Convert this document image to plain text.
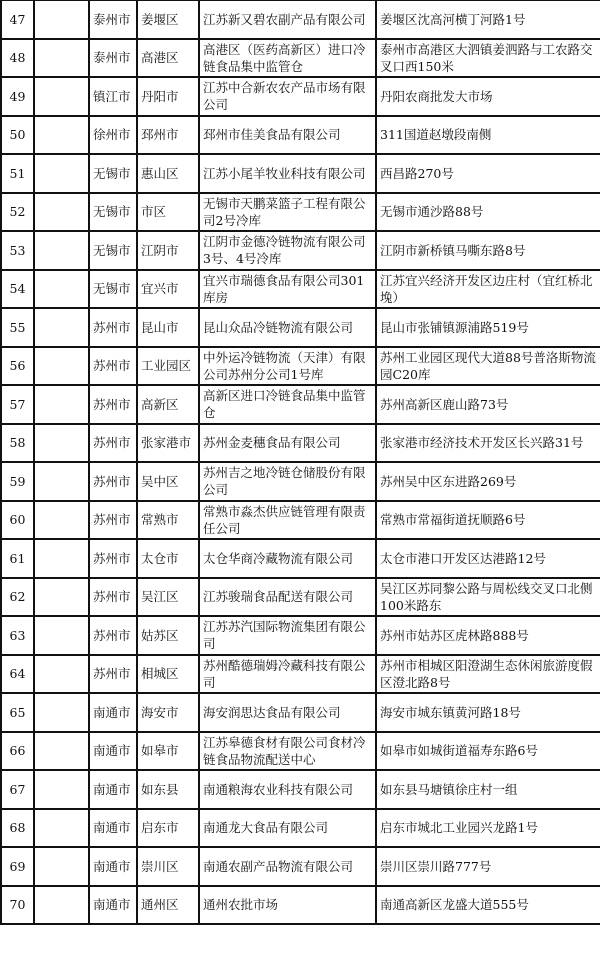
47		泰州市	姜堰区	江苏新又碧农副产品有限公司	姜堰区沈高河横丁河路1号
48		泰州市	高港区	高港区（医药高新区）进口冷链食品集中监管仓	泰州市高港区大泗镇姜泗路与工农路交叉口西150米
49		镇江市	丹阳市	江苏中合新农农产品市场有限公司	丹阳农商批发大市场
50		徐州市	邳州市	邳州市佳美食品有限公司	311国道赵墩段南侧
51		无锡市	惠山区	江苏小尾羊牧业科技有限公司	西昌路270号
52		无锡市	市区	无锡市天鹏菜篮子工程有限公司2号冷库	无锡市通沙路88号
53		无锡市	江阴市	江阴市金德冷链物流有限公司3号、4号冷库	江阴市新桥镇马嘶东路8号
54		无锡市	宜兴市	宜兴市瑞德食品有限公司301库房	江苏宜兴经济开发区边庄村（宜红桥北堍）
55		苏州市	昆山市	昆山众品冷链物流有限公司	昆山市张铺镇源浦路519号
56		苏州市	工业园区	中外运冷链物流（天津）有限公司苏州分公司1号库	苏州工业园区现代大道88号普洛斯物流园C20库
57		苏州市	高新区	高新区进口冷链食品集中监管仓	苏州高新区鹿山路73号
58		苏州市	张家港市	苏州金麦穗食品有限公司	张家港市经济技术开发区长兴路31号
59		苏州市	吴中区	苏州吉之地冷链仓储股份有限公司	苏州吴中区东进路269号
60		苏州市	常熟市	常熟市淼杰供应链管理有限责任公司	常熟市常福街道抚顺路6号
61		苏州市	太仓市	太仓华商冷藏物流有限公司	太仓市港口开发区达港路12号
62		苏州市	吴江区	江苏骏瑞食品配送有限公司	吴江区苏同黎公路与周松线交叉口北侧100米路东
63		苏州市	姑苏区	江苏苏汽国际物流集团有限公司	苏州市姑苏区虎林路888号
64		苏州市	相城区	苏州酷德瑞姆冷藏科技有限公司	苏州市相城区阳澄湖生态休闲旅游度假区澄北路8号
65		南通市	海安市	海安润思达食品有限公司	海安市城东镇黄河路18号
66		南通市	如皋市	江苏皋德食材有限公司食材冷链食品物流配送中心	如皋市如城街道福寿东路6号
67		南通市	如东县	南通粮海农业科技有限公司	如东县马塘镇徐庄村一组
68		南通市	启东市	南通龙大食品有限公司	启东市城北工业园兴龙路1号
69		南通市	崇川区	南通农副产品物流有限公司	崇川区崇川路777号
70		南通市	通州区	通州农批市场	南通高新区龙盛大道555号
